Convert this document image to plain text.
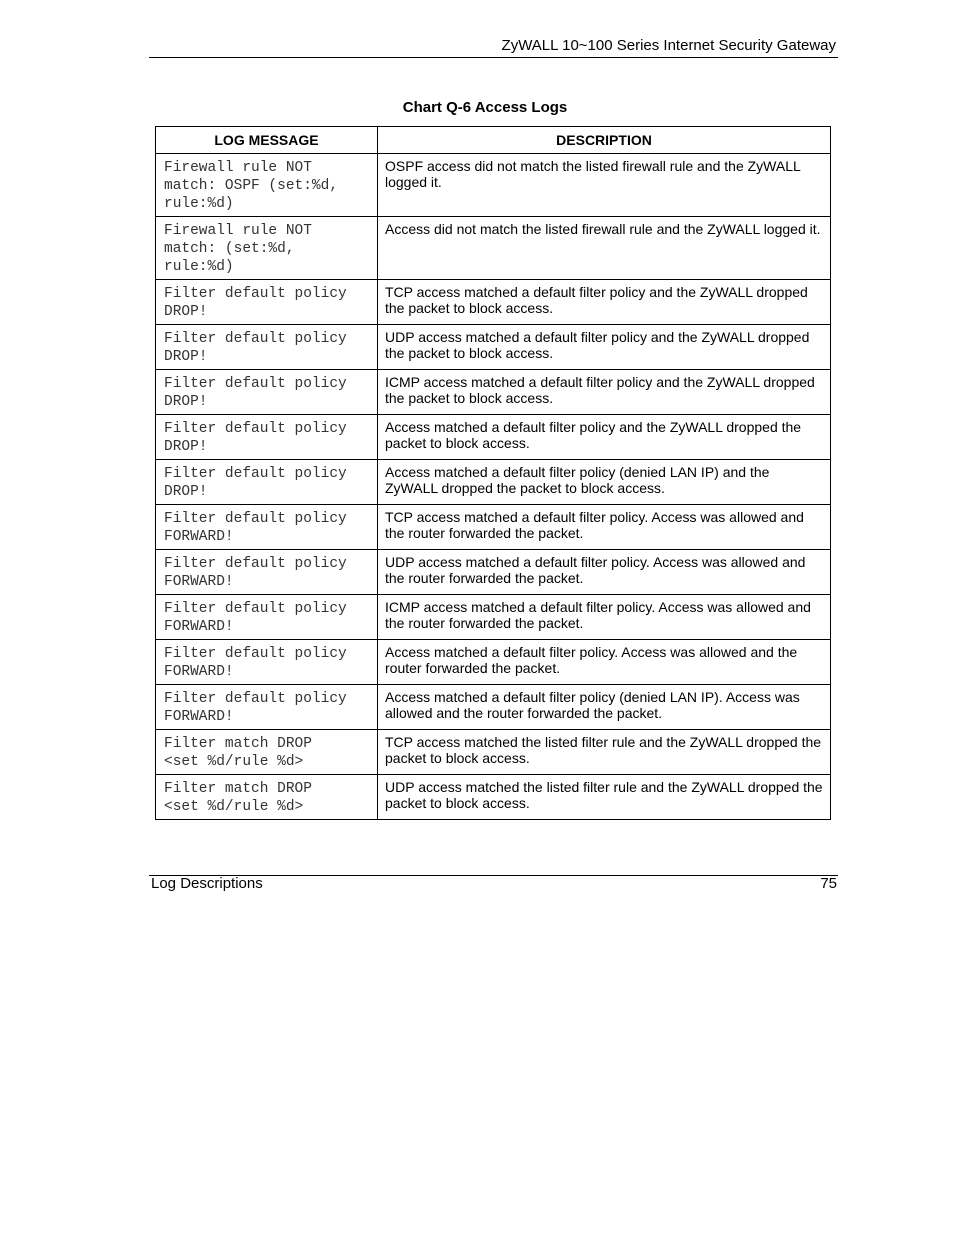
ZyWALL 10~100 Series Internet Security Gateway
Chart Q-6 Access Logs
LOG MESSAGE	DESCRIPTION
Firewall rule NOT
match: OSPF (set:%d,
rule:%d)	OSPF access did not match the listed firewall rule and the ZyWALL logged it.
Firewall rule NOT
match: (set:%d,
rule:%d)	Access did not match the listed firewall rule and the ZyWALL logged it.
Filter default policy
DROP!	TCP access matched a default filter policy and the ZyWALL dropped the packet to block access.
Filter default policy
DROP!	UDP access matched a default filter policy and the ZyWALL dropped the packet to block access.
Filter default policy
DROP!	ICMP access matched a default filter policy and the ZyWALL dropped the packet to block access.
Filter default policy
DROP!	Access matched a default filter policy and the ZyWALL dropped the packet to block access.
Filter default policy
DROP!	Access matched a default filter policy (denied LAN IP) and the ZyWALL dropped the packet to block access.
Filter default policy
FORWARD!	TCP access matched a default filter policy. Access was allowed and the router forwarded the packet.
Filter default policy
FORWARD!	UDP access matched a default filter policy. Access was allowed and the router forwarded the packet.
Filter default policy
FORWARD!	ICMP access matched a default filter policy. Access was allowed and the router forwarded the packet.
Filter default policy
FORWARD!	Access matched a default filter policy. Access was allowed and the router forwarded the packet.
Filter default policy
FORWARD!	Access matched a default filter policy (denied LAN IP). Access was allowed and the router forwarded the packet.
Filter match DROP
<set %d/rule %d>	TCP access matched the listed filter rule and the ZyWALL dropped the packet to block access.
Filter match DROP
<set %d/rule %d>	UDP access matched the listed filter rule and the ZyWALL dropped the packet to block access.
Log Descriptions	75
